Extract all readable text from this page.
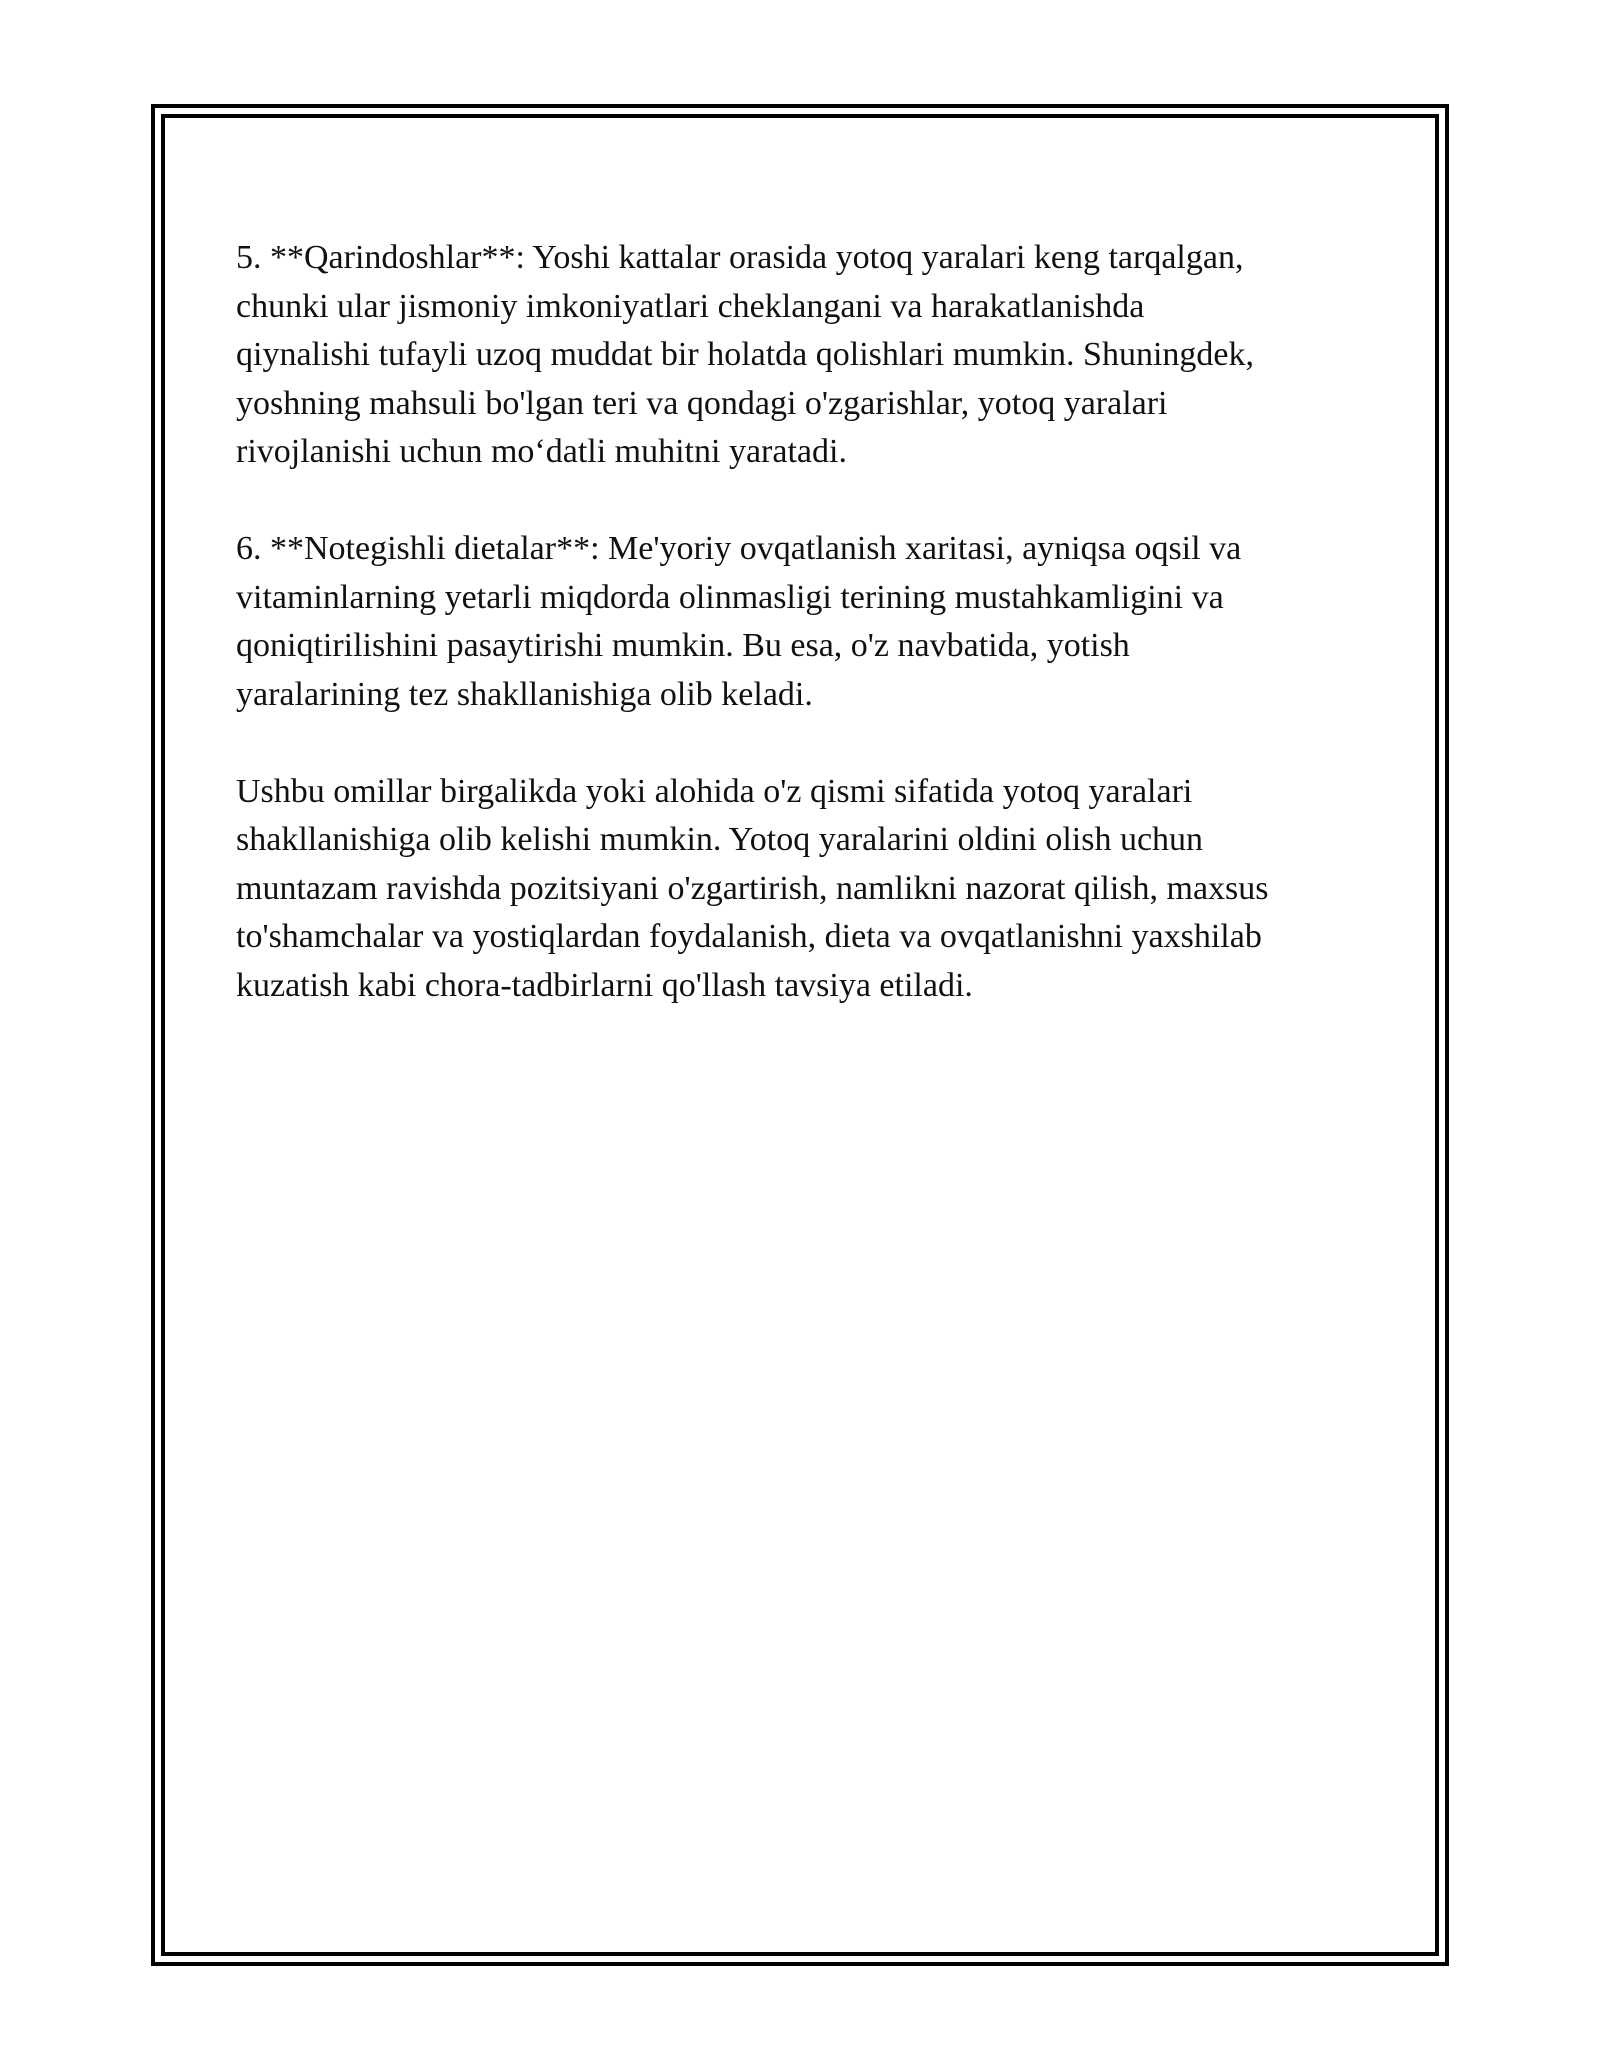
5. **Qarindoshlar**: Yoshi kattalar orasida yotoq yaralari keng tarqalgan,
chunki ular jismoniy imkoniyatlari cheklangani va harakatlanishda
qiynalishi tufayli uzoq muddat bir holatda qolishlari mumkin. Shuningdek,
yoshning mahsuli bo'lgan teri va qondagi o'zgarishlar, yotoq yaralari
rivojlanishi uchun mo‘datli muhitni yaratadi.

6. **Notegishli dietalar**: Me'yoriy ovqatlanish xaritasi, ayniqsa oqsil va
vitaminlarning yetarli miqdorda olinmasligi terining mustahkamligini va
qoniqtirilishini pasaytirishi mumkin. Bu esa, o'z navbatida, yotish
yaralarining tez shakllanishiga olib keladi.

Ushbu omillar birgalikda yoki alohida o'z qismi sifatida yotoq yaralari
shakllanishiga olib kelishi mumkin. Yotoq yaralarini oldini olish uchun
muntazam ravishda pozitsiyani o'zgartirish, namlikni nazorat qilish, maxsus
to'shamchalar va yostiqlardan foydalanish, dieta va ovqatlanishni yaxshilab
kuzatish kabi chora-tadbirlarni qo'llash tavsiya etiladi.
